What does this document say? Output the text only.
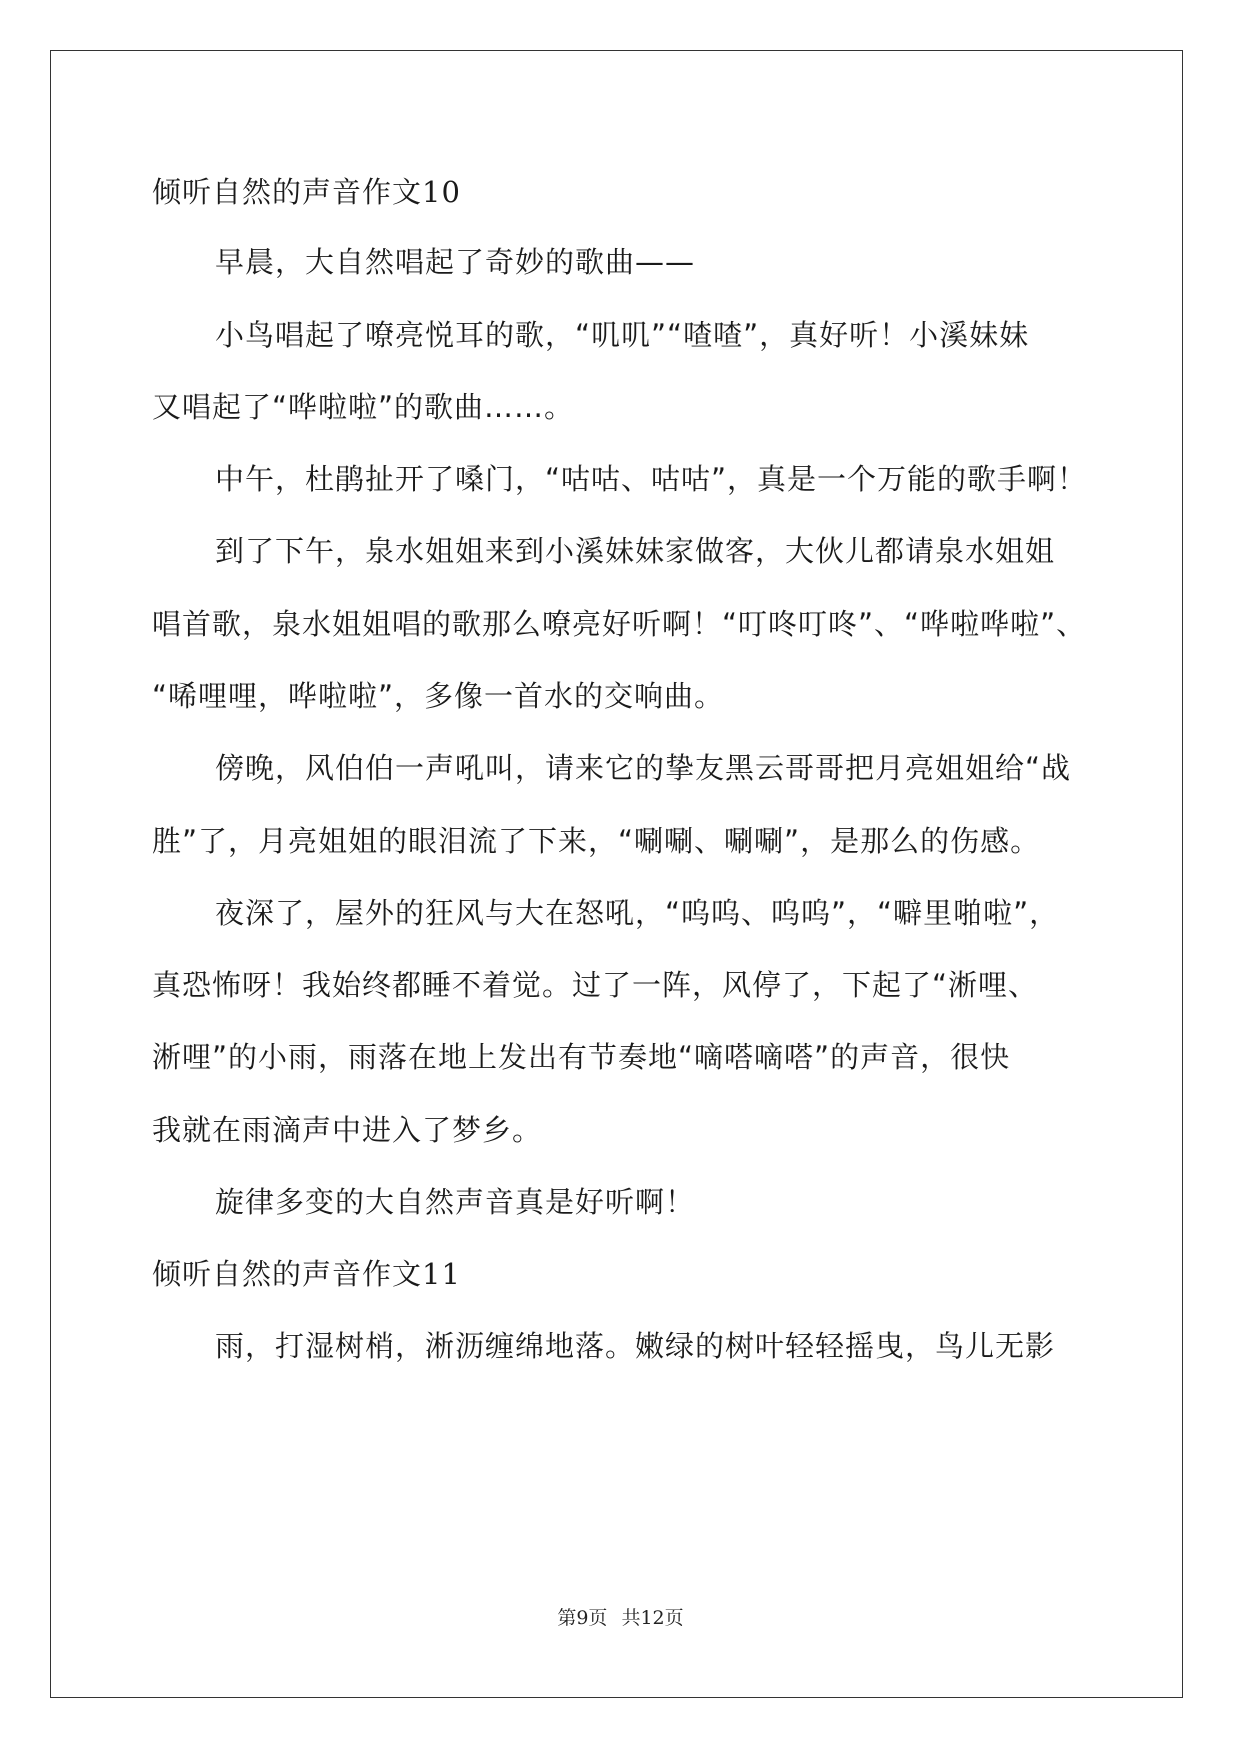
倾听自然的声音作文10
早晨，大自然唱起了奇妙的歌曲——
小鸟唱起了嘹亮悦耳的歌，“叽叽”“喳喳”，真好听！小溪妹妹
又唱起了“哗啦啦”的歌曲……。
中午，杜鹃扯开了嗓门，“咕咕、咕咕”，真是一个万能的歌手啊！
到了下午，泉水姐姐来到小溪妹妹家做客，大伙儿都请泉水姐姐
唱首歌，泉水姐姐唱的歌那么嘹亮好听啊！“叮咚叮咚”、“哗啦哗啦”、
“唏哩哩，哗啦啦”，多像一首水的交响曲。
傍晚，风伯伯一声吼叫，请来它的挚友黑云哥哥把月亮姐姐给“战
胜”了，月亮姐姐的眼泪流了下来，“唰唰、唰唰”，是那么的伤感。
夜深了，屋外的狂风与大在怒吼，“呜呜、呜呜”，“噼里啪啦”，
真恐怖呀！我始终都睡不着觉。过了一阵，风停了，下起了“淅哩、
淅哩”的小雨，雨落在地上发出有节奏地“嘀嗒嘀嗒”的声音，很快
我就在雨滴声中进入了梦乡。
旋律多变的大自然声音真是好听啊！
倾听自然的声音作文11
雨，打湿树梢，淅沥缠绵地落。嫩绿的树叶轻轻摇曳，鸟儿无影
第9页 共12页
